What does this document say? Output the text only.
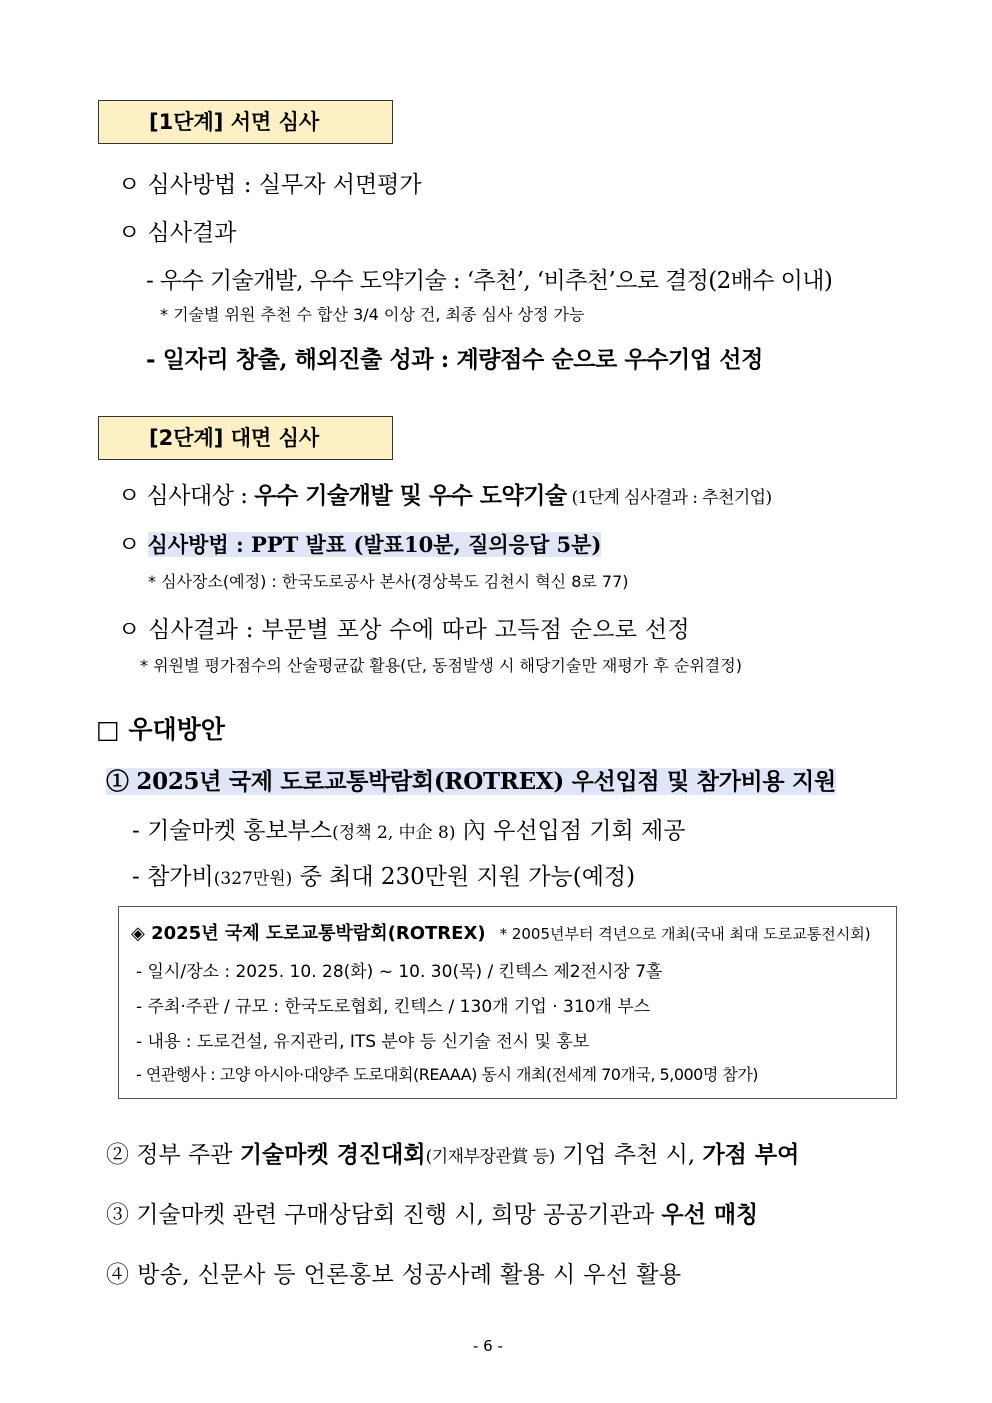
[1단계] 서면 심사
ㅇ 심사방법 : 실무자 서면평가
ㅇ 심사결과
- 우수 기술개발, 우수 도약기술 : ‘추천’, ‘비추천’으로 결정(2배수 이내)
* 기술별 위원 추천 수 합산 3/4 이상 건, 최종 심사 상정 가능
- 일자리 창출, 해외진출 성과 : 계량점수 순으로 우수기업 선정
[2단계] 대면 심사
ㅇ 심사대상 : 우수 기술개발 및 우수 도약기술 (1단계 심사결과 : 추천기업)
ㅇ 심사방법 : PPT 발표 (발표10분, 질의응답 5분)
* 심사장소(예정) : 한국도로공사 본사(경상북도 김천시 혁신 8로 77)
ㅇ 심사결과 : 부문별 포상 수에 따라 고득점 순으로 선정
* 위원별 평가점수의 산술평균값 활용(단, 동점발생 시 해당기술만 재평가 후 순위결정)
□ 우대방안
① 2025년 국제 도로교통박람회(ROTREX) 우선입점 및 참가비용 지원
- 기술마켓 홍보부스(정책 2, 中企 8) 內 우선입점 기회 제공
- 참가비(327만원) 중 최대 230만원 지원 가능(예정)
◈ 2025년 국제 도로교통박람회(ROTREX) * 2005년부터 격년으로 개최(국내 최대 도로교통전시회)
- 일시/장소 : 2025. 10. 28(화) ~ 10. 30(목) / 킨텍스 제2전시장 7홀
- 주최·주관 / 규모 : 한국도로협회, 킨텍스 / 130개 기업 · 310개 부스
- 내용 : 도로건설, 유지관리, ITS 분야 등 신기술 전시 및 홍보
- 연관행사 : 고양 아시아·대양주 도로대회(REAAA) 동시 개최(전세계 70개국, 5,000명 참가)
② 정부 주관 기술마켓 경진대회(기재부장관賞 등) 기업 추천 시, 가점 부여
③ 기술마켓 관련 구매상담회 진행 시, 희망 공공기관과 우선 매칭
④ 방송, 신문사 등 언론홍보 성공사례 활용 시 우선 활용
- 6 -
